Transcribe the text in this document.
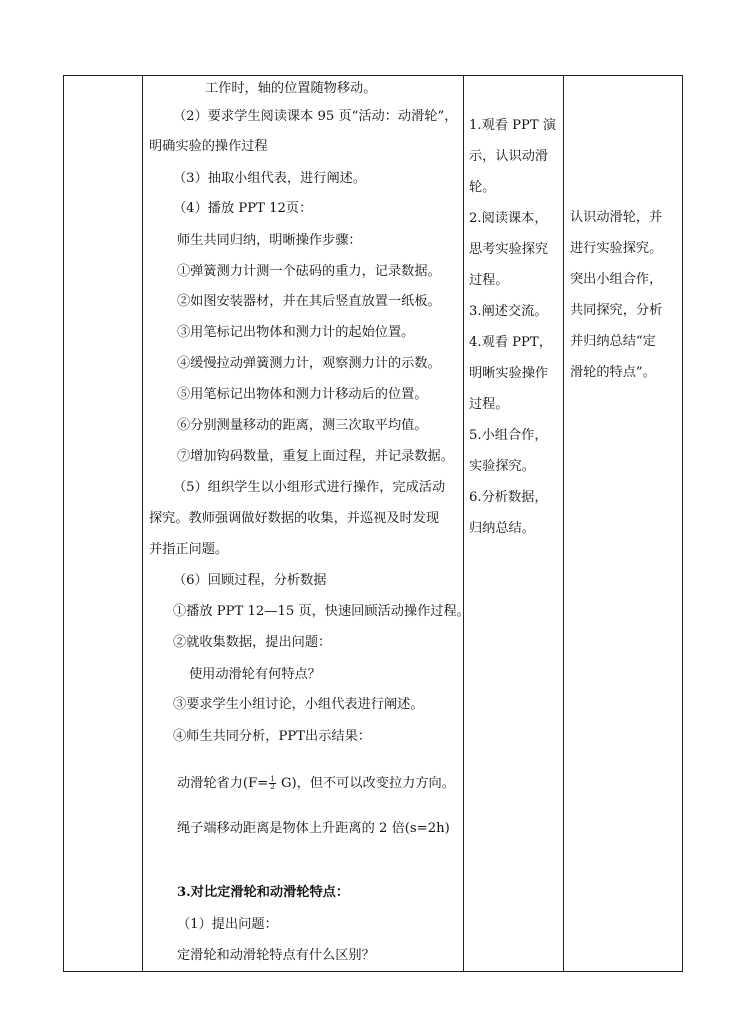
工作时，轴的位置随物移动。
（2）要求学生阅读课本 95 页“活动：动滑轮”，
明确实验的操作过程
（3）抽取小组代表，进行阐述。
（4）播放 PPT 12页：
师生共同归纳，明晰操作步骤：
①弹簧测力计测一个砝码的重力，记录数据。
②如图安装器材，并在其后竖直放置一纸板。
③用笔标记出物体和测力计的起始位置。
④缓慢拉动弹簧测力计，观察测力计的示数。
⑤用笔标记出物体和测力计移动后的位置。
⑥分别测量移动的距离，测三次取平均值。
⑦增加钩码数量，重复上面过程，并记录数据。
（5）组织学生以小组形式进行操作，完成活动
探究。教师强调做好数据的收集，并巡视及时发现
并指正问题。
（6）回顾过程，分析数据
①播放 PPT 12—15 页，快速回顾活动操作过程。
②就收集数据，提出问题：
使用动滑轮有何特点？
③要求学生小组讨论，小组代表进行阐述。
④师生共同分析，PPT出示结果：
动滑轮省力$(F= \frac{1}{2} G)$，但不可以改变拉力方向。
绳子端移动距离是物体上升距离的 2 倍(s=2h)
3.对比定滑轮和动滑轮特点：
（1）提出问题：
定滑轮和动滑轮特点有什么区别？
1.观看 PPT 演
示，认识动滑
轮。
2.阅读课本，
思考实验探究
过程。
3.阐述交流。
4.观看 PPT，
明晰实验操作
过程。
5.小组合作，
实验探究。
6.分析数据，
归纳总结。
认识动滑轮，并
进行实验探究。
突出小组合作，
共同探究，分析
并归纳总结“定
滑轮的特点”。
